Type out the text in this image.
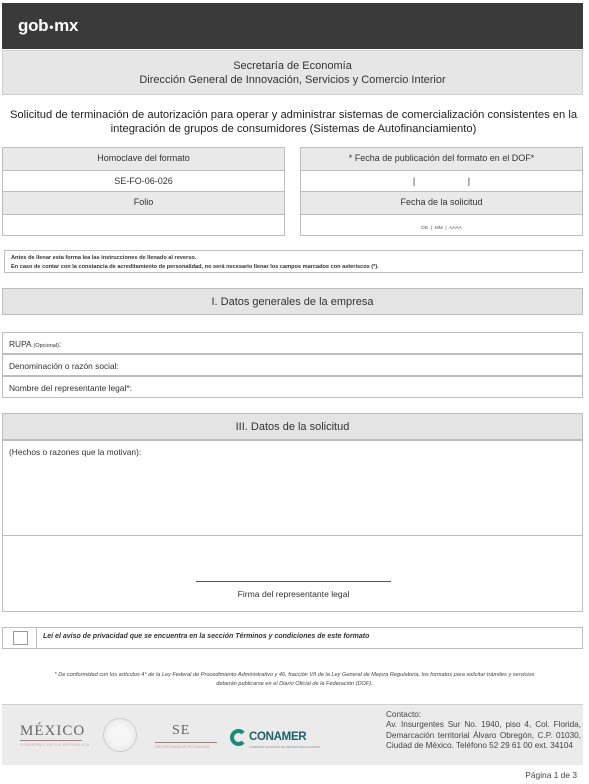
gob•mx
Secretaría de Economía
Dirección General de Innovación, Servicios y Comercio Interior
Solicitud de terminación de autorización para operar y administrar sistemas de comercialización consistentes en la
integración de grupos de consumidores (Sistemas de Autofinanciamiento)
Homoclave del formato
SE-FO-06-026
Folio
* Fecha de publicación del formato en el DOF*
|                     |
Fecha de la solicitud
DD  |  MM  |  AAAA
Antes de llenar esta forma lea las instrucciones de llenado al reverso.
En caso de contar con la constancia de acreditamiento de personalidad, no será necesario llenar los campos marcados con asteriscos (*).
I. Datos generales de la empresa
RUPA (Opcional):
Denominación o razón social:
Nombre del representante legal*:
III. Datos de la solicitud
(Hechos o razones que la motivan):
Firma del representante legal
Leí el aviso de privacidad que se encuentra en la sección Términos y condiciones de este formato
* De conformidad con los artículos 4° de la Ley Federal de Procedimiento Administrativo y 46, fracción VII de la Ley General de Mejora Regulatoria, los formatos para solicitar trámites y servicios
deberán publicarse en el Diario Oficial de la Federación (DOF).
MÉXICO
GOBIERNO DE LA REPÚBLICA
SE
SECRETARÍA DE ECONOMÍA
CONAMER
COMISIÓN NACIONAL DE MEJORA REGULATORIA
Contacto:
Av. Insurgentes Sur No. 1940, piso 4, Col. Florida, Demarcación territorial Álvaro Obregón, C.P. 01030, Ciudad de México. Teléfono 52 29 61 00 ext. 34104
Página 1 de 3
